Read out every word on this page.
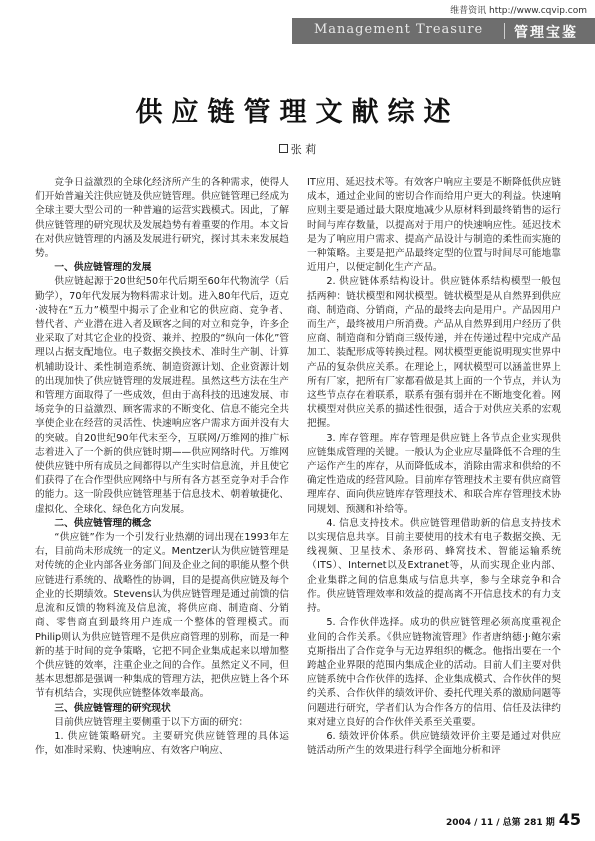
维普资讯 http://www.cqvip.com
Management Treasure 管理宝鉴
供应链管理文献综述
张 莉

竞争日益激烈的全球化经济所产生的各种需求，使得人们开始普遍关注供应链及供应链管理。供应链管理已经成为全球主要大型公司的一种普遍的运营实践模式。因此，了解供应链管理的研究现状及发展趋势有着重要的作用。本文旨在对供应链管理的内涵及发展进行研究，探讨其未来发展趋势。

一、供应链管理的发展

供应链起源于20世纪50年代后期至60年代物流学（后勤学），70年代发展为物料需求计划。进入80年代后，迈克·波特在“五力”模型中揭示了企业和它的供应商、竞争者、替代者、产业潜在进入者及顾客之间的对立和竞争，许多企业采取了对其它企业的投资、兼并、控股的“纵向一体化”管理以占据支配地位。电子数据交换技术、准时生产制、计算机辅助设计、柔性制造系统、制造资源计划、企业资源计划的出现加快了供应链管理的发展进程。虽然这些方法在生产和管理方面取得了一些成效，但由于高科技的迅速发展、市场竞争的日益激烈、顾客需求的不断变化、信息不能完全共享使企业在经营的灵活性、快速响应客户需求方面并没有大的突破。自20世纪90年代末至今，互联网/万维网的推广标志着进入了一个新的供应链时期——供应网络时代。万维网使供应链中所有成员之间都得以产生实时信息流，并且使它们获得了在合作型供应网络中与所有各方甚至竞争对手合作的能力。这一阶段供应链管理基于信息技术、朝着敏捷化、虚拟化、全球化、绿色化方向发展。

二、供应链管理的概念

“供应链”作为一个引发行业热潮的词出现在1993年左右，目前尚未形成统一的定义。Mentzer认为供应链管理是对传统的企业内部各业务部门间及企业之间的职能从整个供应链进行系统的、战略性的协调，目的是提高供应链及每个企业的长期绩效。Stevens认为供应链管理是通过前馈的信息流和反馈的物料流及信息流，将供应商、制造商、分销商、零售商直到最终用户连成一个整体的管理模式。而Philip则认为供应链管理不是供应商管理的别称，而是一种新的基于时间的竞争策略，它把不同企业集成起来以增加整个供应链的效率，注重企业之间的合作。虽然定义不同，但基本思想都是强调一种集成的管理方法，把供应链上各个环节有机结合，实现供应链整体效率最高。

三、供应链管理的研究现状

目前供应链管理主要侧重于以下方面的研究：

1. 供应链策略研究。主要研究供应链管理的具体运作，如准时采购、快速响应、有效客户响应、

IT应用、延迟技术等。有效客户响应主要是不断降低供应链成本，通过企业间的密切合作而给用户更大的利益。快速响应则主要是通过最大限度地减少从原材料到最终销售的运行时间与库存数量，以提高对于用户的快速响应性。延迟技术是为了响应用户需求、提高产品设计与制造的柔性而实施的一种策略。主要是把产品最终定型的位置与时间尽可能地靠近用户，以便定制化生产产品。

2. 供应链体系结构设计。供应链体系结构模型一般包括两种：链状模型和网状模型。链状模型是从自然界到供应商、制造商、分销商，产品的最终去向是用户。产品因用户而生产，最终被用户所消费。产品从自然界到用户经历了供应商、制造商和分销商三级传递，并在传递过程中完成产品加工、装配形成等转换过程。网状模型更能说明现实世界中产品的复杂供应关系。在理论上，网状模型可以涵盖世界上所有厂家，把所有厂家都看做是其上面的一个节点，并认为这些节点存在着联系，联系有强有弱并在不断地变化着。网状模型对供应关系的描述性很强，适合于对供应关系的宏观把握。

3. 库存管理。库存管理是供应链上各节点企业实现供应链集成管理的关键。一般认为企业应尽量降低不合理的生产运作产生的库存，从而降低成本，消除由需求和供给的不确定性造成的经营风险。目前库存管理技术主要有供应商管理库存、面向供应链库存管理技术、和联合库存管理技术协同规划、预测和补给等。

4. 信息支持技术。供应链管理借助新的信息支持技术以实现信息共享。目前主要使用的技术有电子数据交换、无线视频、卫星技术、条形码、蜂窝技术、智能运输系统（ITS）、Internet以及Extranet等，从而实现企业内部、企业集群之间的信息集成与信息共享，参与全球竞争和合作。供应链管理效率和效益的提高离不开信息技术的有力支持。

5. 合作伙伴选择。成功的供应链管理必须高度重视企业间的合作关系。《供应链物流管理》作者唐纳德·J·鲍尔索克斯指出了合作竞争与无边界组织的概念。他指出要在一个跨越企业界限的范围内集成企业的活动。目前人们主要对供应链系统中合作伙伴的选择、企业集成模式、合作伙伴的契约关系、合作伙伴的绩效评价、委托代理关系的激励问题等问题进行研究，学者们认为合作各方的信用、信任及法律约束对建立良好的合作伙伴关系至关重要。

6. 绩效评价体系。供应链绩效评价主要是通过对供应链活动所产生的效果进行科学全面地分析和评

2004 / 11 / 总第 281 期 45
